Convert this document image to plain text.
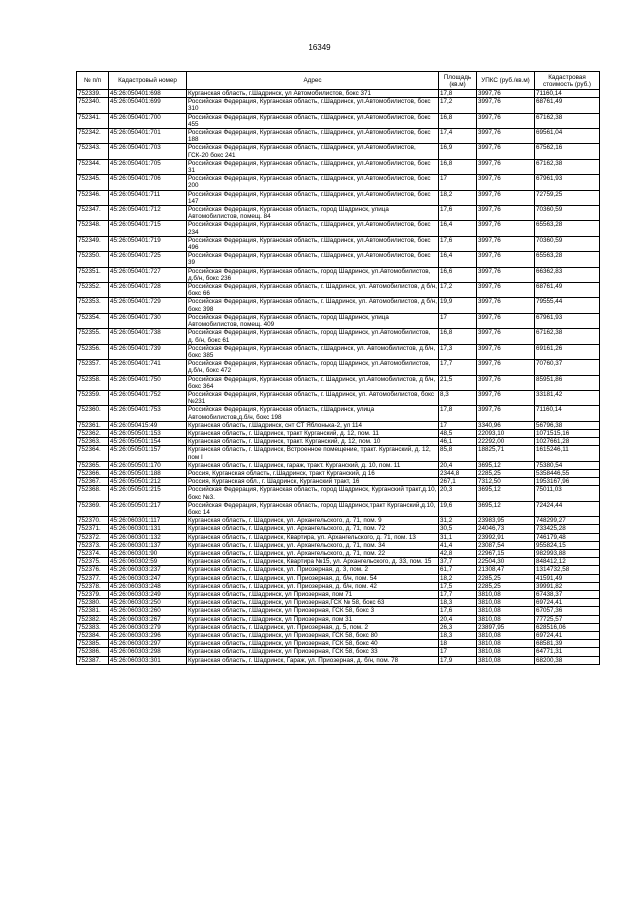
16349
№ п/п	Кадастровый номер	Адрес	Площадь (кв.м)	УПКС (руб./кв.м)	Кадастровая стоимость (руб.)
752339.	45:26:050401:698	Курганская область, г.Шадринск, ул Автомобилистов, бокс 371	17,8	3997,76	71160,14
752340.	45:26:050401:699	Российская Федерация, Курганская область, г.Шадринск, ул.Автомобилистов, бокс 310	17,2	3997,76	68761,49
752341.	45:26:050401:700	Российская Федерация, Курганская область, г.Шадринск, ул.Автомобилистов, бокс 455	16,8	3997,76	67162,38
752342.	45:26:050401:701	Российская Федерация, Курганская область, г.Шадринск, ул.Автомобилистов, бокс 188	17,4	3997,76	69561,04
752343.	45:26:050401:703	Российская Федерация, Курганская область, г.Шадринск, ул.Автомобилистов, ГСК-20 бокс 241	16,9	3997,76	67562,16
752344.	45:26:050401:705	Российская Федерация, Курганская область, г.Шадринск, ул.Автомобилистов, бокс 31	16,8	3997,76	67162,38
752345.	45:26:050401:706	Российская Федерация, Курганская область, г.Шадринск, ул.Автомобилистов, бокс 200	17	3997,76	67961,93
752346.	45:26:050401:711	Российская Федерация, Курганская область, г.Шадринск, ул.Автомобилистов, бокс 147	18,2	3997,76	72759,25
752347.	45:26:050401:712	Российская Федерация, Курганская область, город Шадринск, улица Автомобилистов, помещ. 84	17,6	3997,76	70360,59
752348.	45:26:050401:715	Российская Федерация, Курганская область, г.Шадринск, ул.Автомобилистов, бокс 234	16,4	3997,76	65563,28
752349.	45:26:050401:719	Российская Федерация, Курганская область, г.Шадринск, ул.Автомобилистов, бокс 496	17,6	3997,76	70360,59
752350.	45:26:050401:725	Российская Федерация, Курганская область, г.Шадринск, ул.Автомобилистов, бокс 39	16,4	3997,76	65563,28
752351.	45:26:050401:727	Российская Федерация, Курганская область, город Шадринск, ул.Автомобилистов, д.б/н, бокс 236	16,6	3997,76	66362,83
752352.	45:26:050401:728	Российская Федерация, Курганская область, г. Шадринск, ул. Автомобилистов, д б/н, бокс 66	17,2	3997,76	68761,49
752353.	45:26:050401:729	Российская Федерация, Курганская область, г. Шадринск, ул. Автомобилистов, д б/н, бокс 398	19,9	3997,76	79555,44
752354.	45:26:050401:730	Российская Федерация, Курганская область, город Шадринск, улица Автомобилистов, помещ. 409	17	3997,76	67961,93
752355.	45:26:050401:738	Российская Федерация, Курганская область, город Шадринск, ул.Автомобилистов, д. б/н, бокс 61	16,8	3997,76	67162,38
752356.	45:26:050401:739	Российская Федерация, Курганская область, г.Шадринск, ул. Автомобилистов, д.б/н, бокс 385	17,3	3997,76	69161,26
752357.	45:26:050401:741	Российская Федерация, Курганская область, город Шадринск, ул.Автомобилистов, д.б/н, бокс 472	17,7	3997,76	70760,37
752358.	45:26:050401:750	Российская Федерация, Курганская область, г. Шадринск, ул.Автомобилистов, д б/н, бокс 364	21,5	3997,76	85951,86
752359.	45:26:050401:752	Российская Федерация, Курганская область, г. Шадринск, ул. Автомобилистов, бокс №231	8,3	3997,76	33181,42
752360.	45:26:050401:753	Российская Федерация, Курганская область, г.Шадринск, улица Автомобилистов,д.б/н, бокс 198	17,8	3997,76	71160,14
752361.	45:26:050415:49	Курганская область, г.Шадринск, снт СТ Яблонька-2, ул 114	17	3340,96	56796,38
752362.	45:26:050501:153	Курганская область, г. Шадринск, тракт Курганский, д. 12, пом. 11	48,5	22093,10	1071515,16
752363.	45:26:050501:154	Курганская область, г. Шадринск, тракт. Курганский, д. 12, пом. 10	46,1	22292,00	1027661,28
752364.	45:26:050501:157	Курганская область, г. Шадринск, Встроенное помещение, тракт. Курганский, д. 12, пом I	85,8	18825,71	1615246,11
752365.	45:26:050501:170	Курганская область, г. Шадринск, гараж, тракт. Курганский, д. 10, пом. 11	20,4	3695,12	75380,54
752366.	45:26:050501:188	Россия, Курганская область, г.Шадринск, тракт Курганский, д 16	2344,8	2285,25	5358446,55
752367.	45:26:050501:212	Россия, Курганская обл., г. Шадринск, Курганский тракт, 16	267,1	7312,50	1953167,96
752368.	45:26:050501:215	Российская Федерация, Курганская область, город Шадринск, Курганский тракт,д.10, бокс №3.	20,3	3695,12	75011,03
752369.	45:26:050501:217	Российская Федерация, Курганская область, город Шадринск,тракт Курганский,д.10, бокс 14	19,6	3695,12	72424,44
752370.	45:26:060301:117	Курганская область, г. Шадринск, ул. Архангельского, д. 71, пом. 9	31,2	23983,95	748299,27
752371.	45:26:060301:131	Курганская область, г. Шадринск, ул. Архангельского, д. 71, пом. 72	30,5	24046,73	733425,28
752372.	45:26:060301:132	Курганская область, г. Шадринск, Квартира, ул. Архангельского, д. 71, пом. 13	31,1	23992,91	746179,48
752373.	45:26:060301:137	Курганская область, г. Шадринск, ул. Архангельского, д. 71, пом. 34	41,4	23087,54	955824,15
752374.	45:26:060301:90	Курганская область, г. Шадринск, ул. Архангельского, д. 71, пом. 22	42,8	22967,15	982993,88
752375.	45:26:060302:59	Курганская область, г. Шадринск, Квартира №15, ул. Архангельского, д. 33, пом. 15	37,7	22504,30	848412,12
752376.	45:26:060303:237	Курганская область, г. Шадринск, ул. Приозерная, д. 3, пом. 2	61,7	21308,47	1314732,58
752377.	45:26:060303:247	Курганская область, г. Шадринск, ул. Приозерная, д. б/н, пом. 54	18,2	2285,25	41591,49
752378.	45:26:060303:248	Курганская область, г. Шадринск, ул. Приозерная, д. б/н, пом. 42	17,5	2285,25	39991,82
752379.	45:26:060303:249	Курганская область, г.Шадринск, ул Приозерная, пом 71	17,7	3810,08	67438,37
752380.	45:26:060303:250	Курганская область, г.Шадринск, ул Приозерная,ГСК № 58, бокс 63	18,3	3810,08	69724,41
752381.	45:26:060303:260	Курганская область, г.Шадринск, ул Приозерная, ГСК 58, бокс 3	17,6	3810,08	67057,36
752382.	45:26:060303:267	Курганская область, г.Шадринск, ул Приозерная, пом 31	20,4	3810,08	77725,57
752383.	45:26:060303:279	Курганская область, г. Шадринск, ул. Приозерная, д. 5, пом. 2	26,3	23897,95	628516,06
752384.	45:26:060303:296	Курганская область, г.Шадринск, ул Приозерная, ГСК 58, бокс 80	18,3	3810,08	69724,41
752385.	45:26:060303:297	Курганская область, г.Шадринск, ул Приозерная, ГСК 58, бокс 40	18	3810,08	68581,39
752386.	45:26:060303:298	Курганская область, г.Шадринск, ул Приозерная, ГСК 58, бокс 33	17	3810,08	64771,31
752387.	45:26:060303:301	Курганская область, г. Шадринск, Гараж, ул. Приозерная, д. б/н, пом. 78	17,9	3810,08	68200,38
